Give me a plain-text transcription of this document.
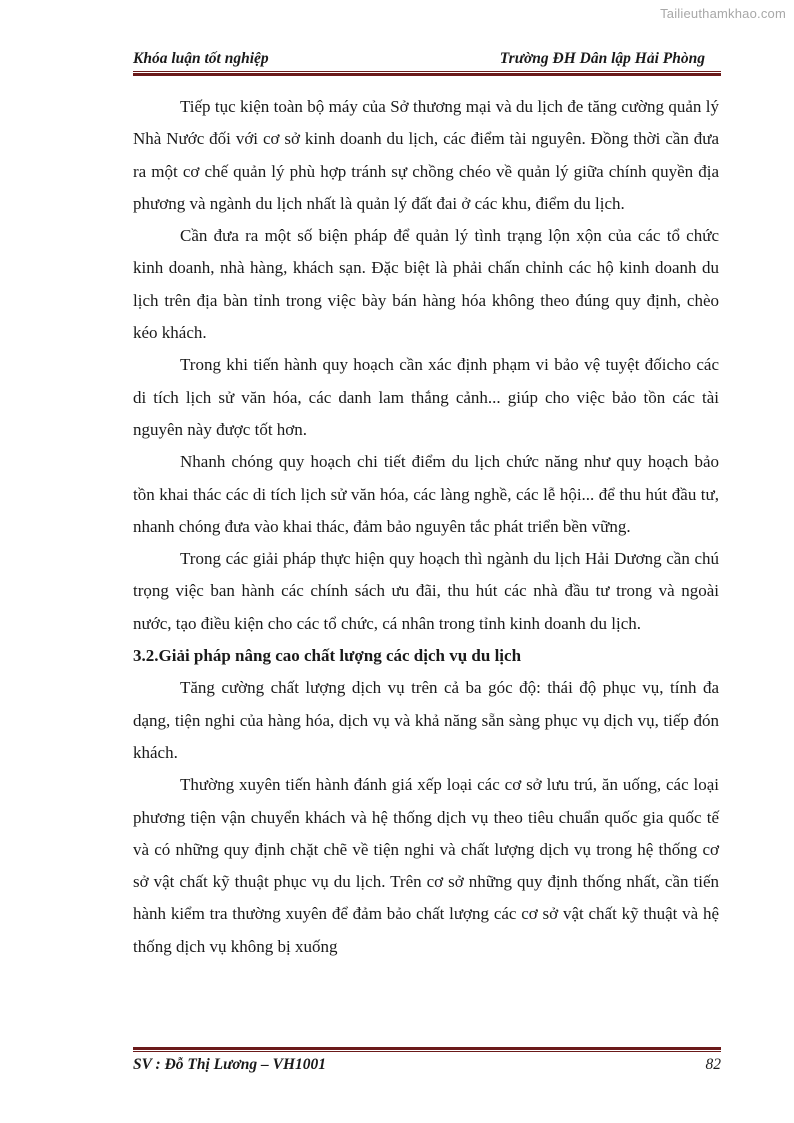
Tailieuthamkhao.com
Khóa luận tốt nghiệp	Trường ĐH Dân lập Hải Phòng

Tiếp tục kiện toàn bộ máy của Sở thương mại và du lịch đe tăng cường quản lý Nhà Nước đối với cơ sở kinh doanh du lịch, các điểm tài nguyên. Đồng thời cần đưa ra một cơ chế quản lý phù hợp tránh sự chồng chéo về quản lý giữa chính quyền địa phương và ngành du lịch nhất là quản lý đất đai ở các khu, điểm du lịch.

Cần đưa ra một số biện pháp để quản lý tình trạng lộn xộn của các tổ chức kinh doanh, nhà hàng, khách sạn. Đặc biệt là phải chấn chỉnh các hộ kinh doanh du lịch trên địa bàn tỉnh trong việc bày bán hàng hóa không theo đúng quy định, chèo kéo khách.

Trong khi tiến hành quy hoạch cần xác định phạm vi bảo vệ tuyệt đốicho các di tích lịch sử văn hóa, các danh lam thắng cảnh... giúp cho việc bảo tồn các tài nguyên này được tốt hơn.

Nhanh chóng quy hoạch chi tiết điểm du lịch chức năng như quy hoạch bảo tồn khai thác các di tích lịch sử văn hóa, các làng nghề, các lễ hội... để thu hút đầu tư, nhanh chóng đưa vào khai thác, đảm bảo nguyên tắc phát triển bền vững.

Trong các giải pháp thực hiện quy hoạch thì ngành du lịch Hải Dương cần chú trọng việc ban hành các chính sách ưu đãi, thu hút các nhà đầu tư trong và ngoài nước, tạo điều kiện cho các tổ chức, cá nhân trong tỉnh kinh doanh du lịch.

3.2.Giải pháp nâng cao chất lượng các dịch vụ du lịch

Tăng cường chất lượng dịch vụ trên cả ba góc độ: thái độ phục vụ, tính đa dạng, tiện nghi của hàng hóa, dịch vụ và khả năng sẵn sàng phục vụ dịch vụ, tiếp đón khách.

Thường xuyên tiến hành đánh giá xếp loại các cơ sở lưu trú, ăn uống, các loại phương tiện vận chuyển khách và hệ thống dịch vụ theo tiêu chuẩn quốc gia quốc tế và có những quy định chặt chẽ về tiện nghi và chất lượng dịch vụ trong hệ thống cơ sở vật chất kỹ thuật phục vụ du lịch. Trên cơ sở những quy định thống nhất, cần tiến hành kiểm tra thường xuyên để đảm bảo chất lượng các cơ sở vật chất kỹ thuật và hệ thống dịch vụ không bị xuống

SV : Đỗ Thị Lương – VH1001	82
